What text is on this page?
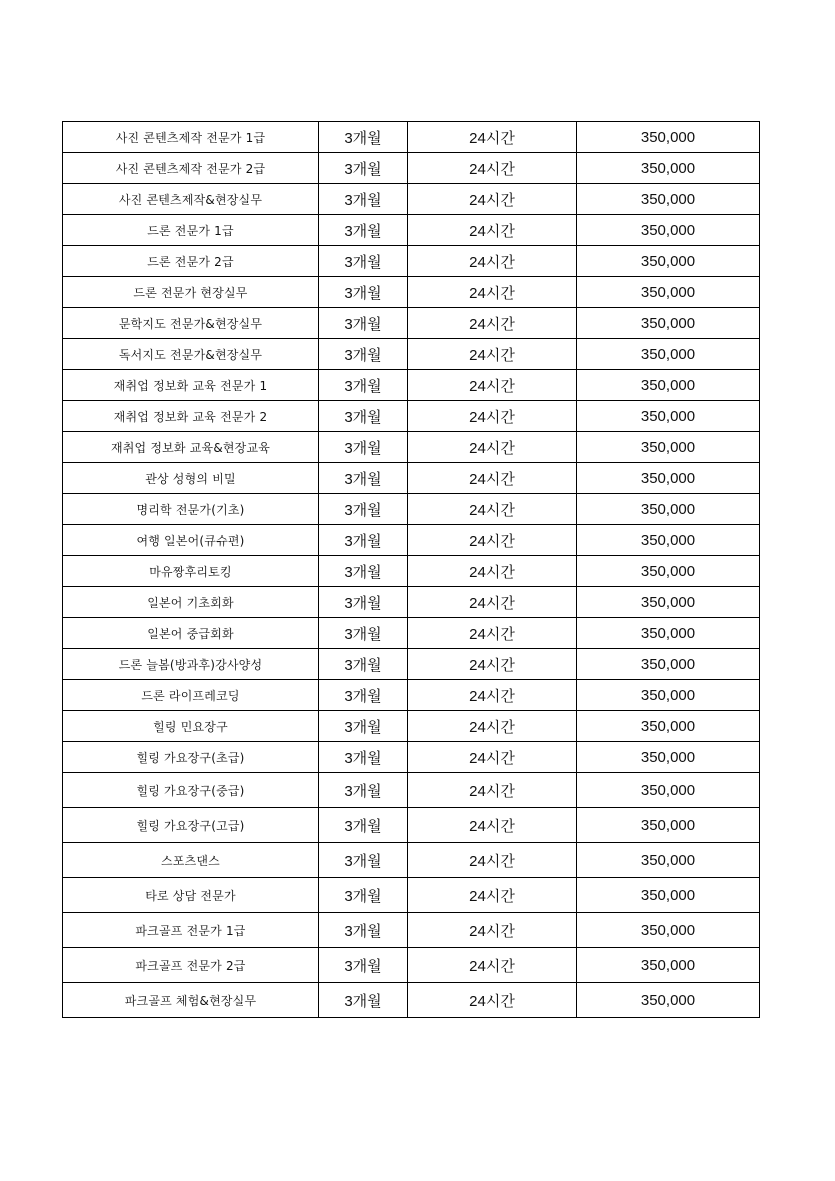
사진 콘텐츠제작 전문가 1급	3개월	24시간	350,000
사진 콘텐츠제작 전문가 2급	3개월	24시간	350,000
사진 콘텐츠제작&현장실무	3개월	24시간	350,000
드론 전문가 1급	3개월	24시간	350,000
드론 전문가 2급	3개월	24시간	350,000
드론 전문가 현장실무	3개월	24시간	350,000
문학지도 전문가&현장실무	3개월	24시간	350,000
독서지도 전문가&현장실무	3개월	24시간	350,000
재취업 정보화 교육 전문가 1	3개월	24시간	350,000
재취업 정보화 교육 전문가 2	3개월	24시간	350,000
재취업 정보화 교육&현장교육	3개월	24시간	350,000
관상 성형의 비밀	3개월	24시간	350,000
명리학 전문가(기초)	3개월	24시간	350,000
여행 일본어(큐슈편)	3개월	24시간	350,000
마유짱후리토킹	3개월	24시간	350,000
일본어 기초회화	3개월	24시간	350,000
일본어 중급회화	3개월	24시간	350,000
드론 늘봄(방과후)강사양성	3개월	24시간	350,000
드론 라이프레코딩	3개월	24시간	350,000
힐링 민요장구	3개월	24시간	350,000
힐링 가요장구(초급)	3개월	24시간	350,000
힐링 가요장구(중급)	3개월	24시간	350,000
힐링 가요장구(고급)	3개월	24시간	350,000
스포츠댄스	3개월	24시간	350,000
타로 상담 전문가	3개월	24시간	350,000
파크골프 전문가 1급	3개월	24시간	350,000
파크골프 전문가 2급	3개월	24시간	350,000
파크골프 체험&현장실무	3개월	24시간	350,000
